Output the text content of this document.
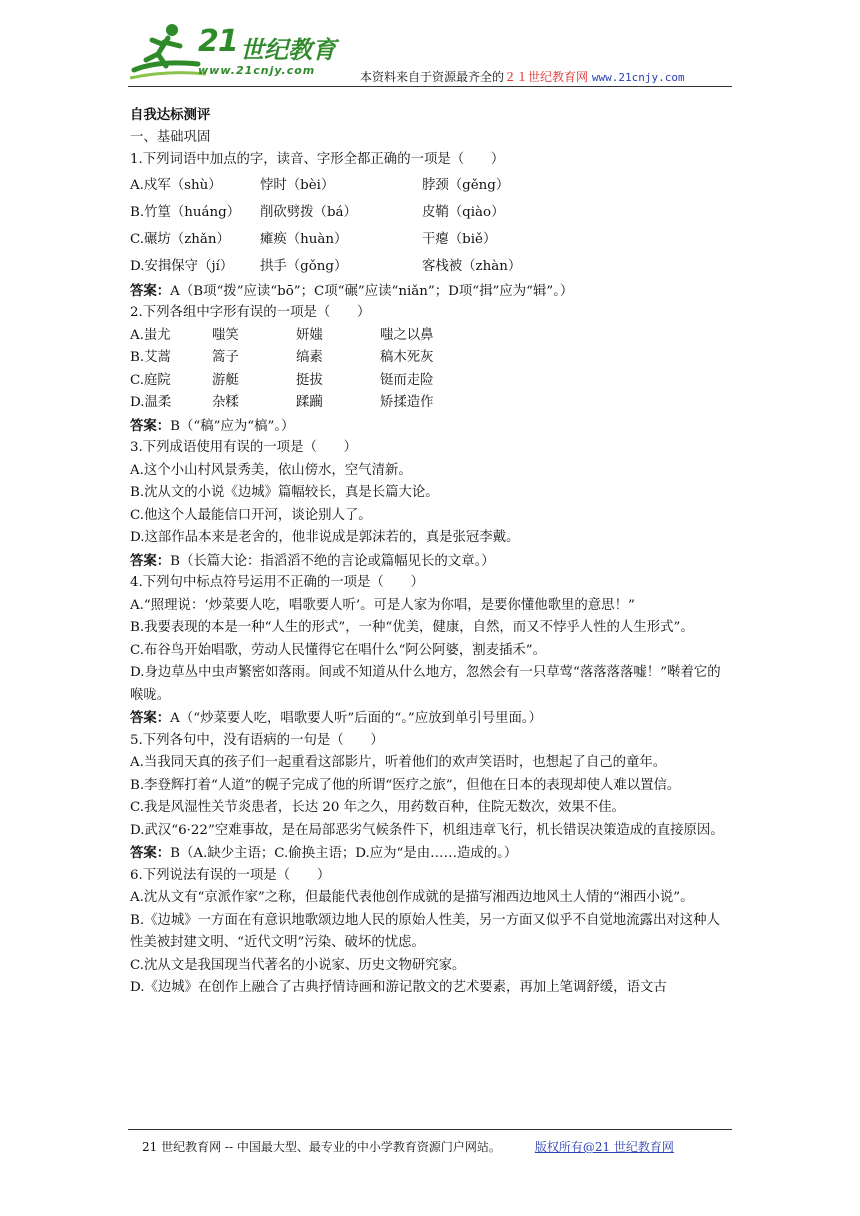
21 世纪教育
www.21cnjy.com	本资料来自于资源最齐全的２１世纪教育网 www.21cnjy.com
自我达标测评
一、基础巩固
1.下列词语中加点的字，读音、字形全都正确的一项是（　　）
A.戍军（shù）	悖时（bèi）	脖颈（gěng）
B.竹篁（huáng）	削砍劈拨（bá）	皮鞘（qiào）
C.碾坊（zhǎn）	瘫痪（huàn）	干瘪（biě）
D.安揖保守（jí）	拱手（gǒng）	客栈被（zhàn）
答案：A（B项“拨”应读“bō”；C项“碾”应读“niǎn”；D项“揖”应为“辑”。）
2.下列各组中字形有误的一项是（　　）
A.蚩尤	嗤笑	妍媸	嗤之以鼻
B.艾蒿	篙子	缟素	稿木死灰
C.庭院	游艇	挺拔	铤而走险
D.温柔	杂糅	蹂躏	矫揉造作
答案：B（“稿”应为“槁”。）
3.下列成语使用有误的一项是（　　）
A.这个小山村风景秀美，依山傍水，空气清新。
B.沈从文的小说《边城》篇幅较长，真是长篇大论。
C.他这个人最能信口开河，谈论别人了。
D.这部作品本来是老舍的，他非说成是郭沫若的，真是张冠李戴。
答案：B（长篇大论：指滔滔不绝的言论或篇幅见长的文章。）
4.下列句中标点符号运用不正确的一项是（　　）
A.“照理说：‘炒菜要人吃，唱歌要人听’。可是人家为你唱，是要你懂他歌里的意思！”
B.我要表现的本是一种“人生的形式”，一种“优美，健康，自然，而又不悖乎人性的人生形式”。
C.布谷鸟开始唱歌，劳动人民懂得它在唱什么“阿公阿婆，割麦插禾”。
D.身边草丛中虫声繁密如落雨。间或不知道从什么地方，忽然会有一只草莺“落落落落嘘！”啭着它的喉咙。
答案：A（“炒菜要人吃，唱歌要人听”后面的“。”应放到单引号里面。）
5.下列各句中，没有语病的一句是（　　）
A.当我同天真的孩子们一起重看这部影片，听着他们的欢声笑语时，也想起了自己的童年。
B.李登辉打着“人道”的幌子完成了他的所谓“医疗之旅”，但他在日本的表现却使人难以置信。
C.我是风湿性关节炎患者，长达 20 年之久，用药数百种，住院无数次，效果不佳。
D.武汉“6·22”空难事故，是在局部恶劣气候条件下，机组违章飞行，机长错误决策造成的直接原因。
答案：B（A.缺少主语；C.偷换主语；D.应为“是由……造成的。）
6.下列说法有误的一项是（　　）
A.沈从文有“京派作家”之称，但最能代表他创作成就的是描写湘西边地风土人情的“湘西小说”。
B.《边城》一方面在有意识地歌颂边地人民的原始人性美，另一方面又似乎不自觉地流露出对这种人性美被封建文明、“近代文明”污染、破坏的忧虑。
C.沈从文是我国现当代著名的小说家、历史文物研究家。
D.《边城》在创作上融合了古典抒情诗画和游记散文的艺术要素，再加上笔调舒缓，语文古
21 世纪教育网 -- 中国最大型、最专业的中小学教育资源门户网站。	版权所有@21 世纪教育网
